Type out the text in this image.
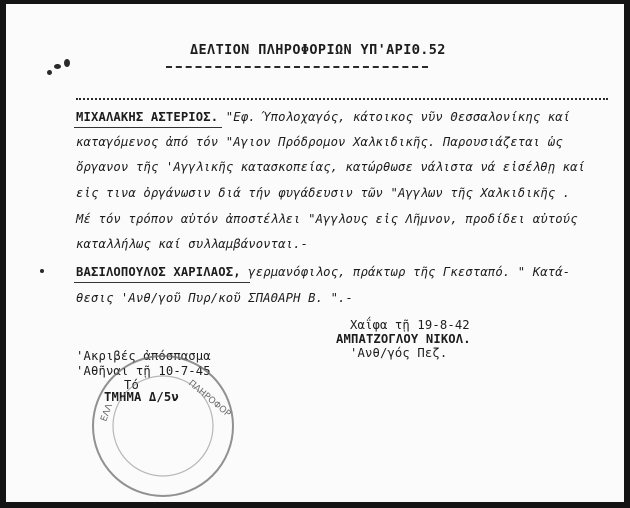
ΔΕΛΤΙΟΝ ΠΛΗΡΟΦΟΡΙΩΝ ΥΠ'ΑΡΙΘ.52
ΜΙΧΑΛΑΚΗΣ ΑΣΤΕΡΙΟΣ. "Εφ. Ύπολοχαγός, κάτοικος νῦν Θεσσαλονίκης καί
καταγόμενος ἀπό τόν "Αγιον Πρόδρομον Χαλκιδικῆς. Παρουσιάζεται ὡς
ὄργανον τῆς 'Αγγλικῆς κατασκοπείας, κατώρθωσε νάλιστα νά εἰσέλθῃ καί
εἰς τινα ὀργάνωσιν διά τήν φυγάδευσιν τῶν "Αγγλων τῆς Χαλκιδικῆς .
Μέ τόν τρόπον αὐτόν ἀποστέλλει "Αγγλους εἰς Λῆμνον, προδίδει αὐτούς
καταλλήλως καί συλλαμβάνονται.-
ΒΑΣΙΛΟΠΟΥΛΟΣ ΧΑΡΙΛΑΟΣ, γερμανόφιλος, πράκτωρ τῆς Γκεσταπό. " Κατά-
θεσις 'Ανθ/γοῦ Πυρ/κοῦ ΣΠΑΘΑΡΗ Β. ".-
Χαΐφα τῇ 19-8-42
ΑΜΠΑΤΖΟΓΛΟΥ ΝΙΚΟΛ.
'Ανθ/γός Πεζ.
'Ακριβές ἀπόσπασμα
'Αθῆναι τῇ 10-7-45
Τό
ΤΜΗΜΑ Δ/5ν
ΕΛΛ	ΠΛΗΡΟΦΟΡ
